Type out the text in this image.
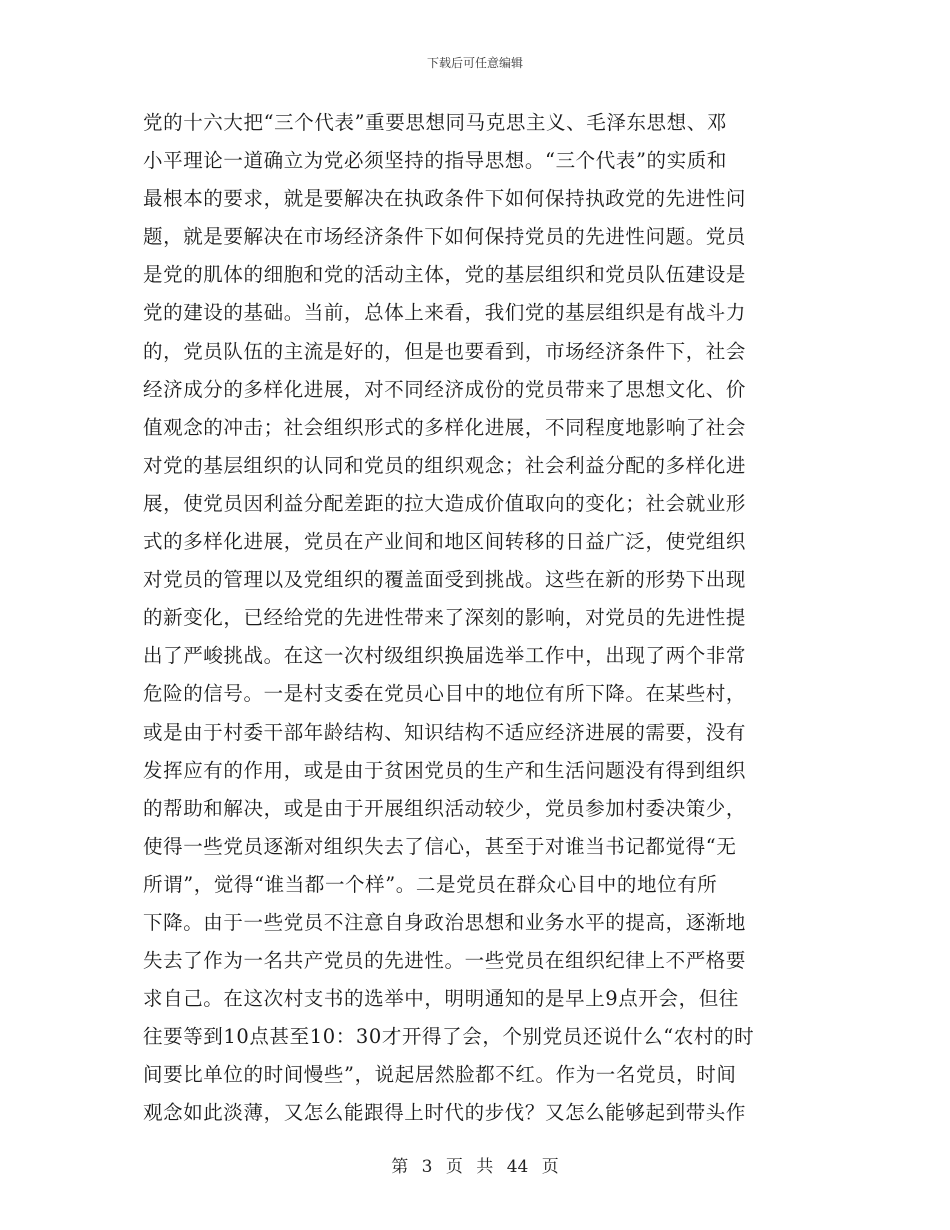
下载后可任意编辑
党的十六大把“三个代表”重要思想同马克思主义、毛泽东思想、邓
小平理论一道确立为党必须坚持的指导思想。“三个代表”的实质和
最根本的要求，就是要解决在执政条件下如何保持执政党的先进性问
题，就是要解决在市场经济条件下如何保持党员的先进性问题。党员
是党的肌体的细胞和党的活动主体，党的基层组织和党员队伍建设是
党的建设的基础。当前，总体上来看，我们党的基层组织是有战斗力
的，党员队伍的主流是好的，但是也要看到，市场经济条件下，社会
经济成分的多样化进展，对不同经济成份的党员带来了思想文化、价
值观念的冲击；社会组织形式的多样化进展，不同程度地影响了社会
对党的基层组织的认同和党员的组织观念；社会利益分配的多样化进
展，使党员因利益分配差距的拉大造成价值取向的变化；社会就业形
式的多样化进展，党员在产业间和地区间转移的日益广泛，使党组织
对党员的管理以及党组织的覆盖面受到挑战。这些在新的形势下出现
的新变化，已经给党的先进性带来了深刻的影响，对党员的先进性提
出了严峻挑战。在这一次村级组织换届选举工作中，出现了两个非常
危险的信号。一是村支委在党员心目中的地位有所下降。在某些村，
或是由于村委干部年龄结构、知识结构不适应经济进展的需要，没有
发挥应有的作用，或是由于贫困党员的生产和生活问题没有得到组织
的帮助和解决，或是由于开展组织活动较少，党员参加村委决策少，
使得一些党员逐渐对组织失去了信心，甚至于对谁当书记都觉得“无
所谓”，觉得“谁当都一个样”。二是党员在群众心目中的地位有所
下降。由于一些党员不注意自身政治思想和业务水平的提高，逐渐地
失去了作为一名共产党员的先进性。一些党员在组织纪律上不严格要
求自己。在这次村支书的选举中，明明通知的是早上9点开会，但往
往要等到10点甚至10：30才开得了会，个别党员还说什么“农村的时
间要比单位的时间慢些”，说起居然脸都不红。作为一名党员，时间
观念如此淡薄，又怎么能跟得上时代的步伐？又怎么能够起到带头作
第 3 页 共 44 页
